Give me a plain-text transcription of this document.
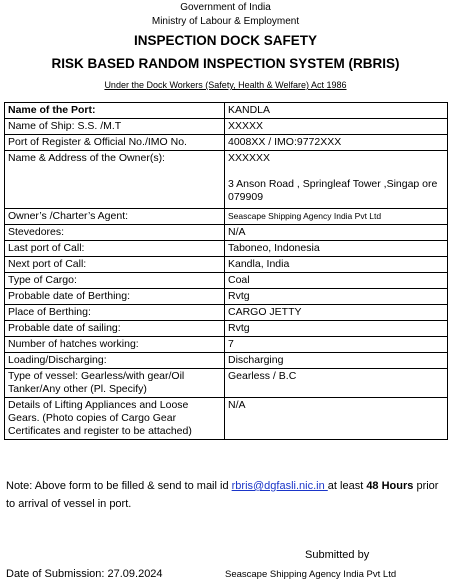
Government of India
Ministry of Labour & Employment
INSPECTION DOCK SAFETY
RISK BASED RANDOM INSPECTION SYSTEM (RBRIS)
Under the Dock Workers (Safety, Health & Welfare) Act 1986
Name of the Port:	KANDLA
Name of Ship: S.S. /M.T	XXXXX
Port of Register & Official No./IMO No.	4008XX / IMO:9772XXX
Name & Address of the Owner(s):	XXXXXX
3 Anson Road , Springleaf Tower ,Singap ore 079909

Owner’s /Charter’s Agent:	Seascape Shipping Agency India Pvt Ltd
Stevedores:	N/A
Last port of Call:	Taboneo, Indonesia
Next port of Call:	Kandla, India
Type of Cargo:	Coal
Probable date of Berthing:	Rvtg
Place of Berthing:	CARGO JETTY
Probable date of sailing:	Rvtg
Number of hatches working:	7
Loading/Discharging:	Discharging
Type of vessel: Gearless/with gear/Oil Tanker/Any other (Pl. Specify)	Gearless / B.C
Details of Lifting Appliances and Loose Gears. (Photo copies of Cargo Gear Certificates and register to be attached)	N/A
Note: Above form to be filled & send to mail id rbris@dgfasli.nic.in at least 48 Hours prior to arrival of vessel in port.
Submitted by
Date of Submission: 27.09.2024	Seascape Shipping Agency India Pvt Ltd
